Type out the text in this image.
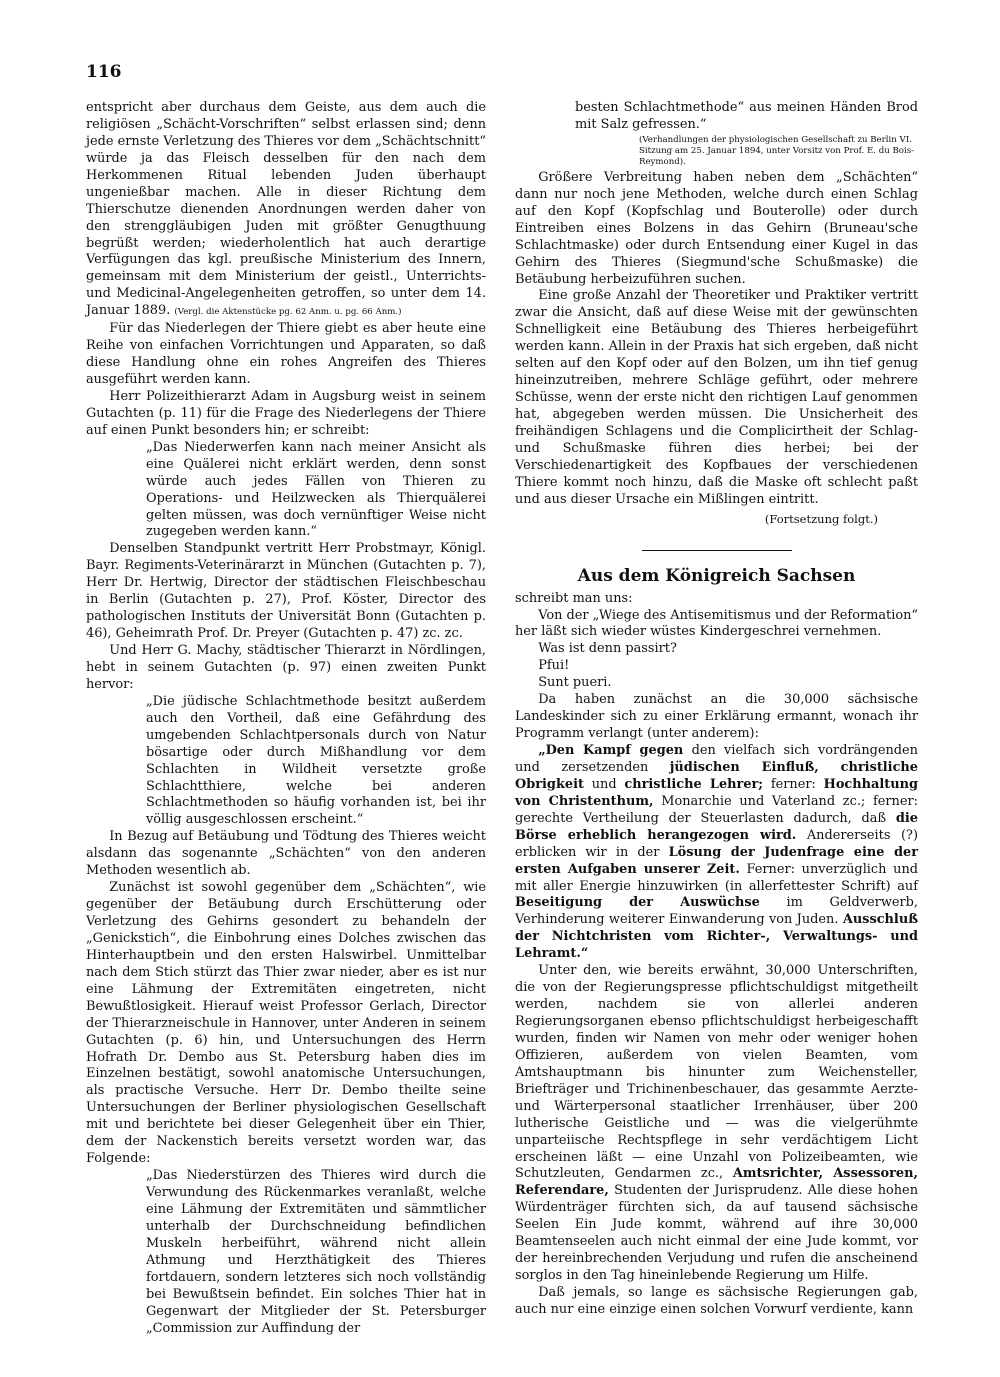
116

entspricht aber durchaus dem Geiste, aus dem auch die religiösen „Schächt-Vorschriften“ selbst erlassen sind; denn jede ernste Verletzung des Thieres vor dem „Schächtschnitt“ würde ja das Fleisch desselben für den nach dem Herkommenen Ritual lebenden Juden überhaupt ungenießbar machen. Alle in dieser Richtung dem Thierschutze dienenden Anordnungen werden daher von den strenggläubigen Juden mit größter Genugthuung begrüßt werden; wiederholentlich hat auch derartige Verfügungen das kgl. preußische Ministerium des Innern, gemeinsam mit dem Ministerium der geistl., Unterrichts- und Medicinal-Angelegenheiten getroffen, so unter dem 14. Januar 1889. (Vergl. die Aktenstücke pg. 62 Anm. u. pg. 66 Anm.)

Für das Niederlegen der Thiere giebt es aber heute eine Reihe von einfachen Vorrichtungen und Apparaten, so daß diese Handlung ohne ein rohes Angreifen des Thieres ausgeführt werden kann.

Herr Polizeithierarzt Adam in Augsburg weist in seinem Gutachten (p. 11) für die Frage des Niederlegens der Thiere auf einen Punkt besonders hin; er schreibt:

„Das Niederwerfen kann nach meiner Ansicht als eine Quälerei nicht erklärt werden, denn sonst würde auch jedes Fällen von Thieren zu Operations- und Heilzwecken als Thierquälerei gelten müssen, was doch vernünftiger Weise nicht zugegeben werden kann.“

Denselben Standpunkt vertritt Herr Probstmayr, Königl. Bayr. Regiments-Veterinärarzt in München (Gutachten p. 7), Herr Dr. Hertwig, Director der städtischen Fleischbeschau in Berlin (Gutachten p. 27), Prof. Köster, Director des pathologischen Instituts der Universität Bonn (Gutachten p. 46), Geheimrath Prof. Dr. Preyer (Gutachten p. 47) zc. zc.

Und Herr G. Machy, städtischer Thierarzt in Nördlingen, hebt in seinem Gutachten (p. 97) einen zweiten Punkt hervor:

„Die jüdische Schlachtmethode besitzt außerdem auch den Vortheil, daß eine Gefährdung des umgebenden Schlachtpersonals durch von Natur bösartige oder durch Mißhandlung vor dem Schlachten in Wildheit versetzte große Schlachtthiere, welche bei anderen Schlachtmethoden so häufig vorhanden ist, bei ihr völlig ausgeschlossen erscheint.“

In Bezug auf Betäubung und Tödtung des Thieres weicht alsdann das sogenannte „Schächten“ von den anderen Methoden wesentlich ab.

Zunächst ist sowohl gegenüber dem „Schächten“, wie gegenüber der Betäubung durch Erschütterung oder Verletzung des Gehirns gesondert zu behandeln der „Genickstich“, die Einbohrung eines Dolches zwischen das Hinterhauptbein und den ersten Halswirbel. Unmittelbar nach dem Stich stürzt das Thier zwar nieder, aber es ist nur eine Lähmung der Extremitäten eingetreten, nicht Bewußtlosigkeit. Hierauf weist Professor Gerlach, Director der Thierarzneischule in Hannover, unter Anderen in seinem Gutachten (p. 6) hin, und Untersuchungen des Herrn Hofrath Dr. Dembo aus St. Petersburg haben dies im Einzelnen bestätigt, sowohl anatomische Untersuchungen, als practische Versuche. Herr Dr. Dembo theilte seine Untersuchungen der Berliner physiologischen Gesellschaft mit und berichtete bei dieser Gelegenheit über ein Thier, dem der Nackenstich bereits versetzt worden war, das Folgende:

„Das Niederstürzen des Thieres wird durch die Verwundung des Rückenmarkes veranlaßt, welche eine Lähmung der Extremitäten und sämmtlicher unterhalb der Durchschneidung befindlichen Muskeln herbeiführt, während nicht allein Athmung und Herzthätigkeit des Thieres fortdauern, sondern letzteres sich noch vollständig bei Bewußtsein befindet. Ein solches Thier hat in Gegenwart der Mitglieder der St. Petersburger „Commission zur Auffindung der

besten Schlachtmethode“ aus meinen Händen Brod mit Salz gefressen.“

(Verhandlungen der physiologischen Gesellschaft zu Berlin VI. Sitzung am 25. Januar 1894, unter Vorsitz von Prof. E. du Bois-Reymond).

Größere Verbreitung haben neben dem „Schächten“ dann nur noch jene Methoden, welche durch einen Schlag auf den Kopf (Kopfschlag und Bouterolle) oder durch Eintreiben eines Bolzens in das Gehirn (Bruneau'sche Schlachtmaske) oder durch Entsendung einer Kugel in das Gehirn des Thieres (Siegmund'sche Schußmaske) die Betäubung herbeizuführen suchen.

Eine große Anzahl der Theoretiker und Praktiker vertritt zwar die Ansicht, daß auf diese Weise mit der gewünschten Schnelligkeit eine Betäubung des Thieres herbeigeführt werden kann. Allein in der Praxis hat sich ergeben, daß nicht selten auf den Kopf oder auf den Bolzen, um ihn tief genug hineinzutreiben, mehrere Schläge geführt, oder mehrere Schüsse, wenn der erste nicht den richtigen Lauf genommen hat, abgegeben werden müssen. Die Unsicherheit des freihändigen Schlagens und die Complicirtheit der Schlag- und Schußmaske führen dies herbei; bei der Verschiedenartigkeit des Kopfbaues der verschiedenen Thiere kommt noch hinzu, daß die Maske oft schlecht paßt und aus dieser Ursache ein Mißlingen eintritt.

(Fortsetzung folgt.)

Aus dem Königreich Sachsen

schreibt man uns:

Von der „Wiege des Antisemitismus und der Reformation“ her läßt sich wieder wüstes Kindergeschrei vernehmen.

Was ist denn passirt?

Pfui!

Sunt pueri.

Da haben zunächst an die 30,000 sächsische Landeskinder sich zu einer Erklärung ermannt, wonach ihr Programm verlangt (unter anderem):

„Den Kampf gegen den vielfach sich vordrängenden und zersetzenden jüdischen Einfluß, christliche Obrigkeit und christliche Lehrer; ferner: Hochhaltung von Christenthum, Monarchie und Vaterland zc.; ferner: gerechte Vertheilung der Steuerlasten dadurch, daß die Börse erheblich herangezogen wird. Andererseits (?) erblicken wir in der Lösung der Judenfrage eine der ersten Aufgaben unserer Zeit. Ferner: unverzüglich und mit aller Energie hinzuwirken (in allerfettester Schrift) auf Beseitigung der Auswüchse im Geldverwerb, Verhinderung weiterer Einwanderung von Juden. Ausschluß der Nichtchristen vom Richter-, Verwaltungs- und Lehramt.“

Unter den, wie bereits erwähnt, 30,000 Unterschriften, die von der Regierungspresse pflichtschuldigst mitgetheilt werden, nachdem sie von allerlei anderen Regierungsorganen ebenso pflichtschuldigst herbeigeschafft wurden, finden wir Namen von mehr oder weniger hohen Offizieren, außerdem von vielen Beamten, vom Amtshauptmann bis hinunter zum Weichensteller, Briefträger und Trichinenbeschauer, das gesammte Aerzte- und Wärterpersonal staatlicher Irrenhäuser, über 200 lutherische Geistliche und — was die vielgerühmte unparteiische Rechtspflege in sehr verdächtigem Licht erscheinen läßt — eine Unzahl von Polizeibeamten, wie Schutzleuten, Gendarmen zc., Amtsrichter, Assessoren, Referendare, Studenten der Jurisprudenz. Alle diese hohen Würdenträger fürchten sich, da auf tausend sächsische Seelen Ein Jude kommt, während auf ihre 30,000 Beamtenseelen auch nicht einmal der eine Jude kommt, vor der hereinbrechenden Verjudung und rufen die anscheinend sorglos in den Tag hineinlebende Regierung um Hilfe.

Daß jemals, so lange es sächsische Regierungen gab, auch nur eine einzige einen solchen Vorwurf verdiente, kann
